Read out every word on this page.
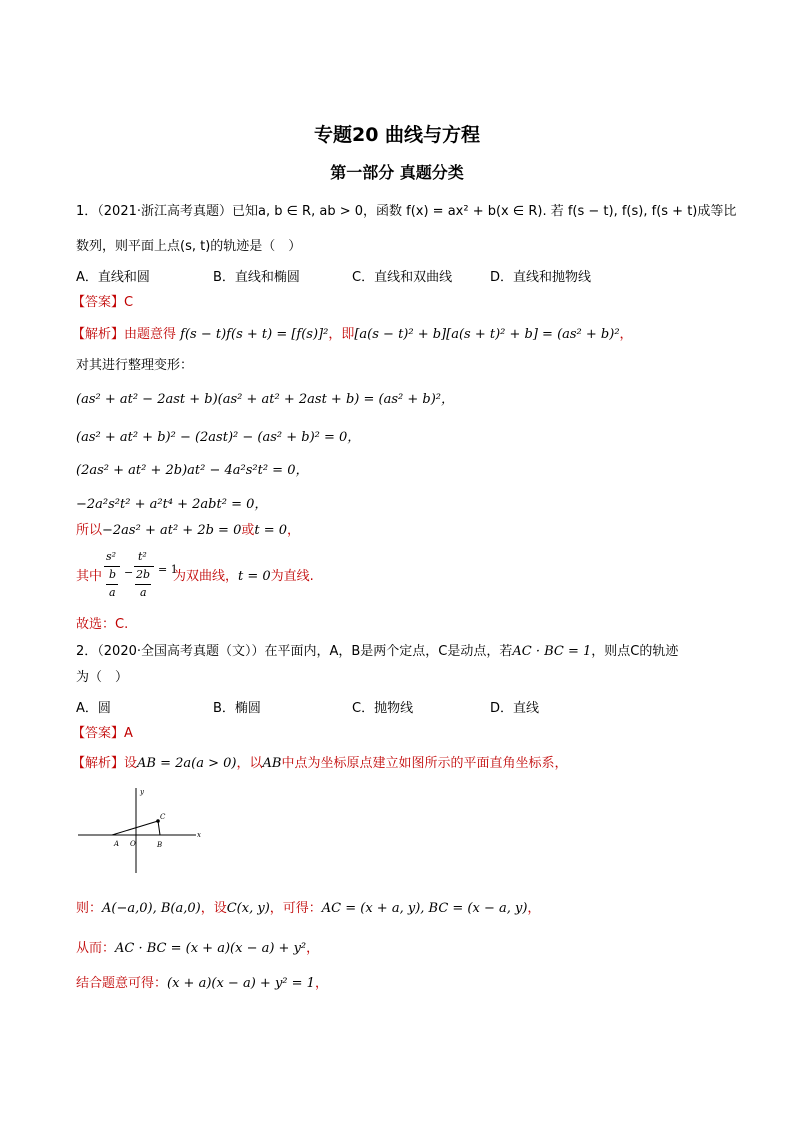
专题20 曲线与方程
第一部分 真题分类
1．（2021·浙江高考真题）已知a, b ∈ R, ab > 0，函数 f(x) = ax² + b(x ∈ R). 若 f(s − t), f(s), f(s + t)成等比
数列，则平面上点(s, t)的轨迹是（　）
A．直线和圆	B．直线和椭圆	C．直线和双曲线	D．直线和抛物线
【答案】C
【解析】由题意得 f(s − t)f(s + t) = [f(s)]²，即[a(s − t)² + b][a(s + t)² + b] = (as² + b)²，
对其进行整理变形：
(as² + at² − 2ast + b)(as² + at² + 2ast + b) = (as² + b)²，
(as² + at² + b)² − (2ast)² − (as² + b)² = 0，
(2as² + at² + 2b)at² − 4a²s²t² = 0，
−2a²s²t² + a²t⁴ + 2abt² = 0，
所以−2as² + at² + 2b = 0或t = 0，
其中
s²
b
a
−
t²
2b
a
= 1
为双曲线，t = 0为直线.
故选：C.
2．（2020·全国高考真题（文））在平面内，A，B是两个定点，C是动点，若AC · BC = 1，则点C的轨迹
为（　）
A．圆	B．椭圆	C．抛物线	D．直线
【答案】A
【解析】设AB = 2a(a > 0)，以AB中点为坐标原点建立如图所示的平面直角坐标系，
y
x
A O	B
C
则：A(−a,0), B(a,0)，设C(x, y)，可得：AC = (x + a, y), BC = (x − a, y)，
从而：AC · BC = (x + a)(x − a) + y²，
结合题意可得：(x + a)(x − a) + y² = 1，
